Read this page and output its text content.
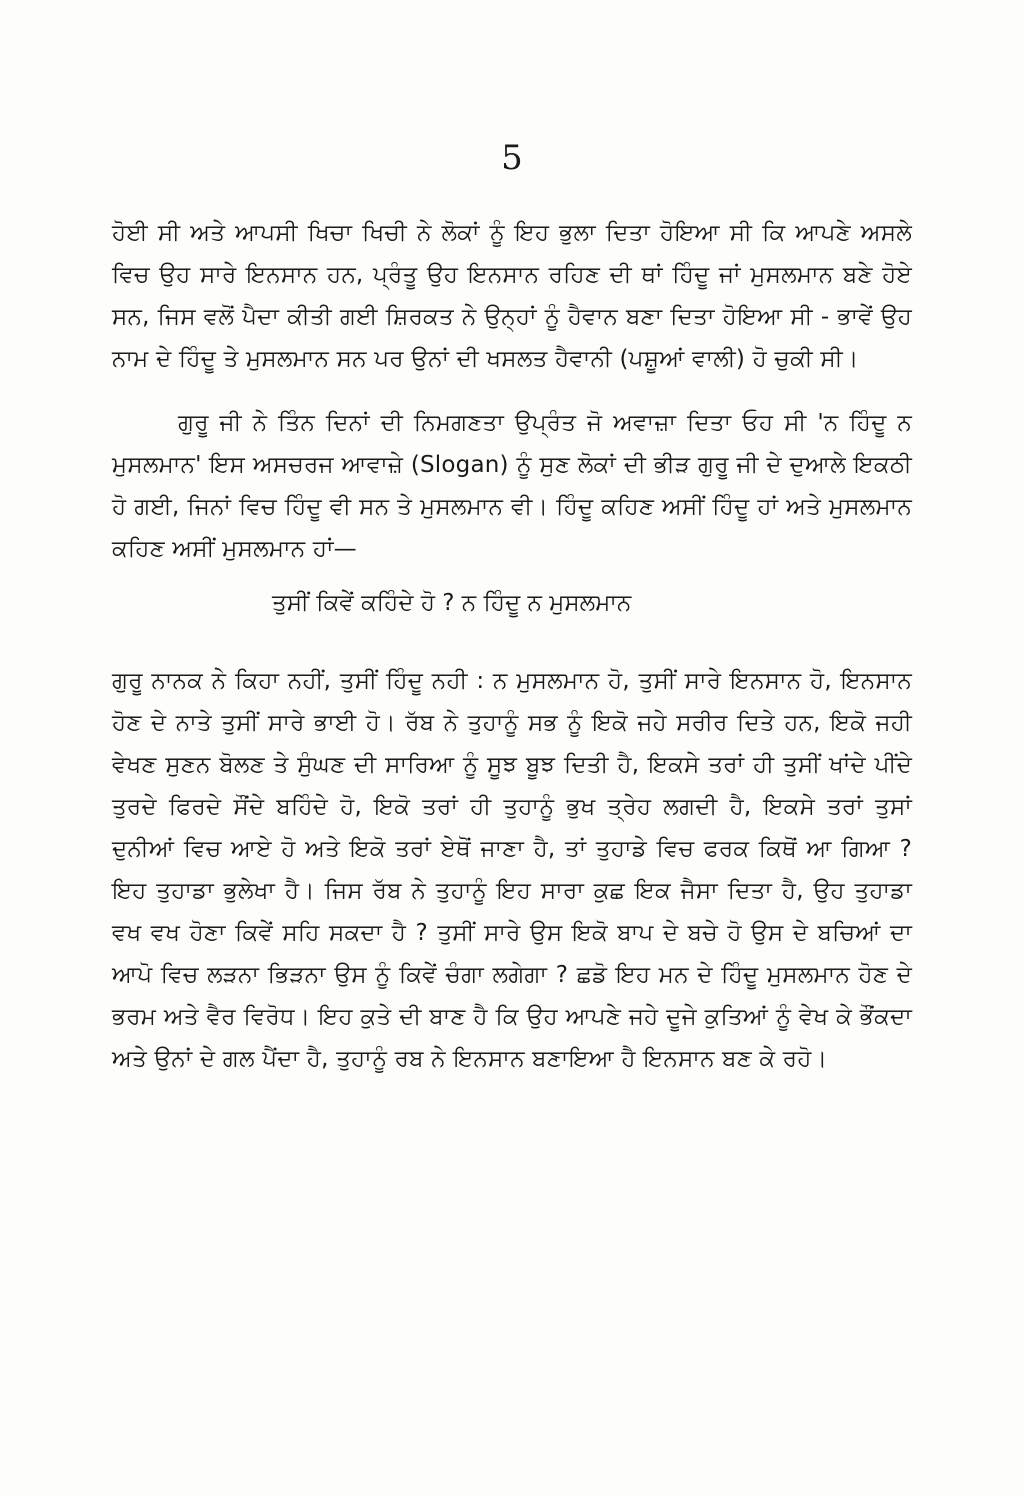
5

ਹੋਈ ਸੀ ਅਤੇ ਆਪਸੀ ਖਿਚਾ ਖਿਚੀ ਨੇ ਲੋਕਾਂ ਨੂੰ ਇਹ ਭੁਲਾ ਦਿਤਾ ਹੋਇਆ ਸੀ ਕਿ ਆਪਣੇ ਅਸਲੇ ਵਿਚ ਉਹ ਸਾਰੇ ਇਨਸਾਨ ਹਨ, ਪ੍ਰੰਤੂ ਉਹ ਇਨਸਾਨ ਰਹਿਣ ਦੀ ਥਾਂ ਹਿੰਦੂ ਜਾਂ ਮੁਸਲਮਾਨ ਬਣੇ ਹੋਏ ਸਨ, ਜਿਸ ਵਲੋਂ ਪੈਦਾ ਕੀਤੀ ਗਈ ਸ਼ਿਰਕਤ ਨੇ ਉਨ੍ਹਾਂ ਨੂੰ ਹੈਵਾਨ ਬਣਾ ਦਿਤਾ ਹੋਇਆ ਸੀ - ਭਾਵੇਂ ਉਹ ਨਾਮ ਦੇ ਹਿੰਦੂ ਤੇ ਮੁਸਲਮਾਨ ਸਨ ਪਰ ਉਨਾਂ ਦੀ ਖਸਲਤ ਹੈਵਾਨੀ (ਪਸ਼ੂਆਂ ਵਾਲੀ) ਹੋ ਚੁਕੀ ਸੀ।

ਗੁਰੂ ਜੀ ਨੇ ਤਿੰਨ ਦਿਨਾਂ ਦੀ ਨਿਮਗਣਤਾ ਉਪ੍ਰੰਤ ਜੋ ਅਵਾਜ਼ਾ ਦਿਤਾ ਓਹ ਸੀ 'ਨ ਹਿੰਦੂ ਨ ਮੁਸਲਮਾਨ' ਇਸ ਅਸਚਰਜ ਆਵਾਜ਼ੇ (Slogan) ਨੂੰ ਸੁਣ ਲੋਕਾਂ ਦੀ ਭੀੜ ਗੁਰੂ ਜੀ ਦੇ ਦੁਆਲੇ ਇਕਠੀ ਹੋ ਗਈ, ਜਿਨਾਂ ਵਿਚ ਹਿੰਦੂ ਵੀ ਸਨ ਤੇ ਮੁਸਲਮਾਨ ਵੀ। ਹਿੰਦੂ ਕਹਿਣ ਅਸੀਂ ਹਿੰਦੂ ਹਾਂ ਅਤੇ ਮੁਸਲਮਾਨ ਕਹਿਣ ਅਸੀਂ ਮੁਸਲਮਾਨ ਹਾਂ—

ਤੁਸੀਂ ਕਿਵੇਂ ਕਹਿੰਦੇ ਹੋ ? ਨ ਹਿੰਦੂ ਨ ਮੁਸਲਮਾਨ

ਗੁਰੂ ਨਾਨਕ ਨੇ ਕਿਹਾ ਨਹੀਂ, ਤੁਸੀਂ ਹਿੰਦੂ ਨਹੀ : ਨ ਮੁਸਲਮਾਨ ਹੋ, ਤੁਸੀਂ ਸਾਰੇ ਇਨਸਾਨ ਹੋ, ਇਨਸਾਨ ਹੋਣ ਦੇ ਨਾਤੇ ਤੁਸੀਂ ਸਾਰੇ ਭਾਈ ਹੋ। ਰੱਬ ਨੇ ਤੁਹਾਨੂੰ ਸਭ ਨੂੰ ਇਕੋ ਜਹੇ ਸਰੀਰ ਦਿਤੇ ਹਨ, ਇਕੋ ਜਹੀ ਵੇਖਣ ਸੁਣਨ ਬੋਲਣ ਤੇ ਸੁੰਘਣ ਦੀ ਸਾਰਿਆ ਨੂੰ ਸੂਝ ਬੂਝ ਦਿਤੀ ਹੈ, ਇਕਸੇ ਤਰਾਂ ਹੀ ਤੁਸੀਂ ਖਾਂਦੇ ਪੀਂਦੇ ਤੁਰਦੇ ਫਿਰਦੇ ਸੌਂਦੇ ਬਹਿੰਦੇ ਹੋ, ਇਕੋ ਤਰਾਂ ਹੀ ਤੁਹਾਨੂੰ ਭੁਖ ਤ੍ਰੇਹ ਲਗਦੀ ਹੈ, ਇਕਸੇ ਤਰਾਂ ਤੁਸਾਂ ਦੁਨੀਆਂ ਵਿਚ ਆਏ ਹੋ ਅਤੇ ਇਕੋ ਤਰਾਂ ਏਥੋਂ ਜਾਣਾ ਹੈ, ਤਾਂ ਤੁਹਾਡੇ ਵਿਚ ਫਰਕ ਕਿਥੋਂ ਆ ਗਿਆ ? ਇਹ ਤੁਹਾਡਾ ਭੁਲੇਖਾ ਹੈ। ਜਿਸ ਰੱਬ ਨੇ ਤੁਹਾਨੂੰ ਇਹ ਸਾਰਾ ਕੁਛ ਇਕ ਜੈਸਾ ਦਿਤਾ ਹੈ, ਉਹ ਤੁਹਾਡਾ ਵਖ ਵਖ ਹੋਣਾ ਕਿਵੇਂ ਸਹਿ ਸਕਦਾ ਹੈ ? ਤੁਸੀਂ ਸਾਰੇ ਉਸ ਇਕੋ ਬਾਪ ਦੇ ਬਚੇ ਹੋ ਉਸ ਦੇ ਬਚਿਆਂ ਦਾ ਆਪੋ ਵਿਚ ਲੜਨਾ ਭਿੜਨਾ ਉਸ ਨੂੰ ਕਿਵੇਂ ਚੰਗਾ ਲਗੇਗਾ ? ਛਡੋ ਇਹ ਮਨ ਦੇ ਹਿੰਦੂ ਮੁਸਲਮਾਨ ਹੋਣ ਦੇ ਭਰਮ ਅਤੇ ਵੈਰ ਵਿਰੋਧ। ਇਹ ਕੁਤੇ ਦੀ ਬਾਣ ਹੈ ਕਿ ਉਹ ਆਪਣੇ ਜਹੇ ਦੂਜੇ ਕੁਤਿਆਂ ਨੂੰ ਵੇਖ ਕੇ ਭੌਂਕਦਾ ਅਤੇ ਉਨਾਂ ਦੇ ਗਲ ਪੈਂਦਾ ਹੈ, ਤੁਹਾਨੂੰ ਰਬ ਨੇ ਇਨਸਾਨ ਬਣਾਇਆ ਹੈ ਇਨਸਾਨ ਬਣ ਕੇ ਰਹੋ।
